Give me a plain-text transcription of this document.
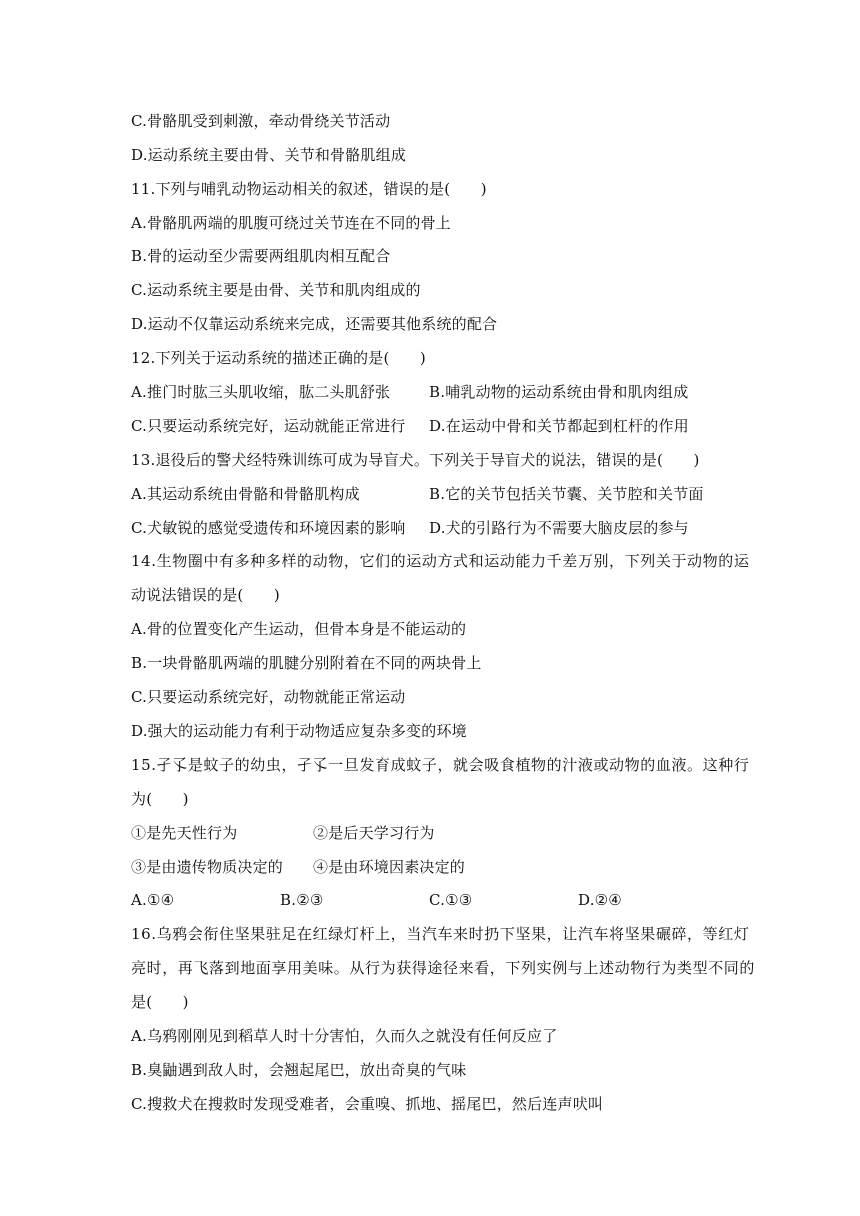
C.骨骼肌受到刺激，牵动骨绕关节活动
D.运动系统主要由骨、关节和骨骼肌组成
11.下列与哺乳动物运动相关的叙述，错误的是(　　)
A.骨骼肌两端的肌腹可绕过关节连在不同的骨上
B.骨的运动至少需要两组肌肉相互配合
C.运动系统主要是由骨、关节和肌肉组成的
D.运动不仅靠运动系统来完成，还需要其他系统的配合
12.下列关于运动系统的描述正确的是(　　)
A.推门时肱三头肌收缩，肱二头肌舒张	B.哺乳动物的运动系统由骨和肌肉组成
C.只要运动系统完好，运动就能正常进行 D.在运动中骨和关节都起到杠杆的作用
13.退役后的警犬经特殊训练可成为导盲犬。下列关于导盲犬的说法，错误的是(　　)
A.其运动系统由骨骼和骨骼肌构成	B.它的关节包括关节囊、关节腔和关节面
C.犬敏锐的感觉受遗传和环境因素的影响 D.犬的引路行为不需要大脑皮层的参与
14.生物圈中有多种多样的动物，它们的运动方式和运动能力千差万别，下列关于动物的运
动说法错误的是(　　)
A.骨的位置变化产生运动，但骨本身是不能运动的
B.一块骨骼肌两端的肌腱分别附着在不同的两块骨上
C.只要运动系统完好，动物就能正常运动
D.强大的运动能力有利于动物适应复杂多变的环境
15.孑孓是蚊子的幼虫，孑孓一旦发育成蚊子，就会吸食植物的汁液或动物的血液。这种行
为(　　)
①是先天性行为	②是后天学习行为
③是由遗传物质决定的 ④是由环境因素决定的
A.①④	B.②③	C.①③	D.②④
16.乌鸦会衔住坚果驻足在红绿灯杆上，当汽车来时扔下坚果，让汽车将坚果碾碎，等红灯
亮时，再飞落到地面享用美味。从行为获得途径来看，下列实例与上述动物行为类型不同的
是(　　)
A.乌鸦刚刚见到稻草人时十分害怕，久而久之就没有任何反应了
B.臭鼬遇到敌人时，会翘起尾巴，放出奇臭的气味
C.搜救犬在搜救时发现受难者，会重嗅、抓地、摇尾巴，然后连声吠叫
